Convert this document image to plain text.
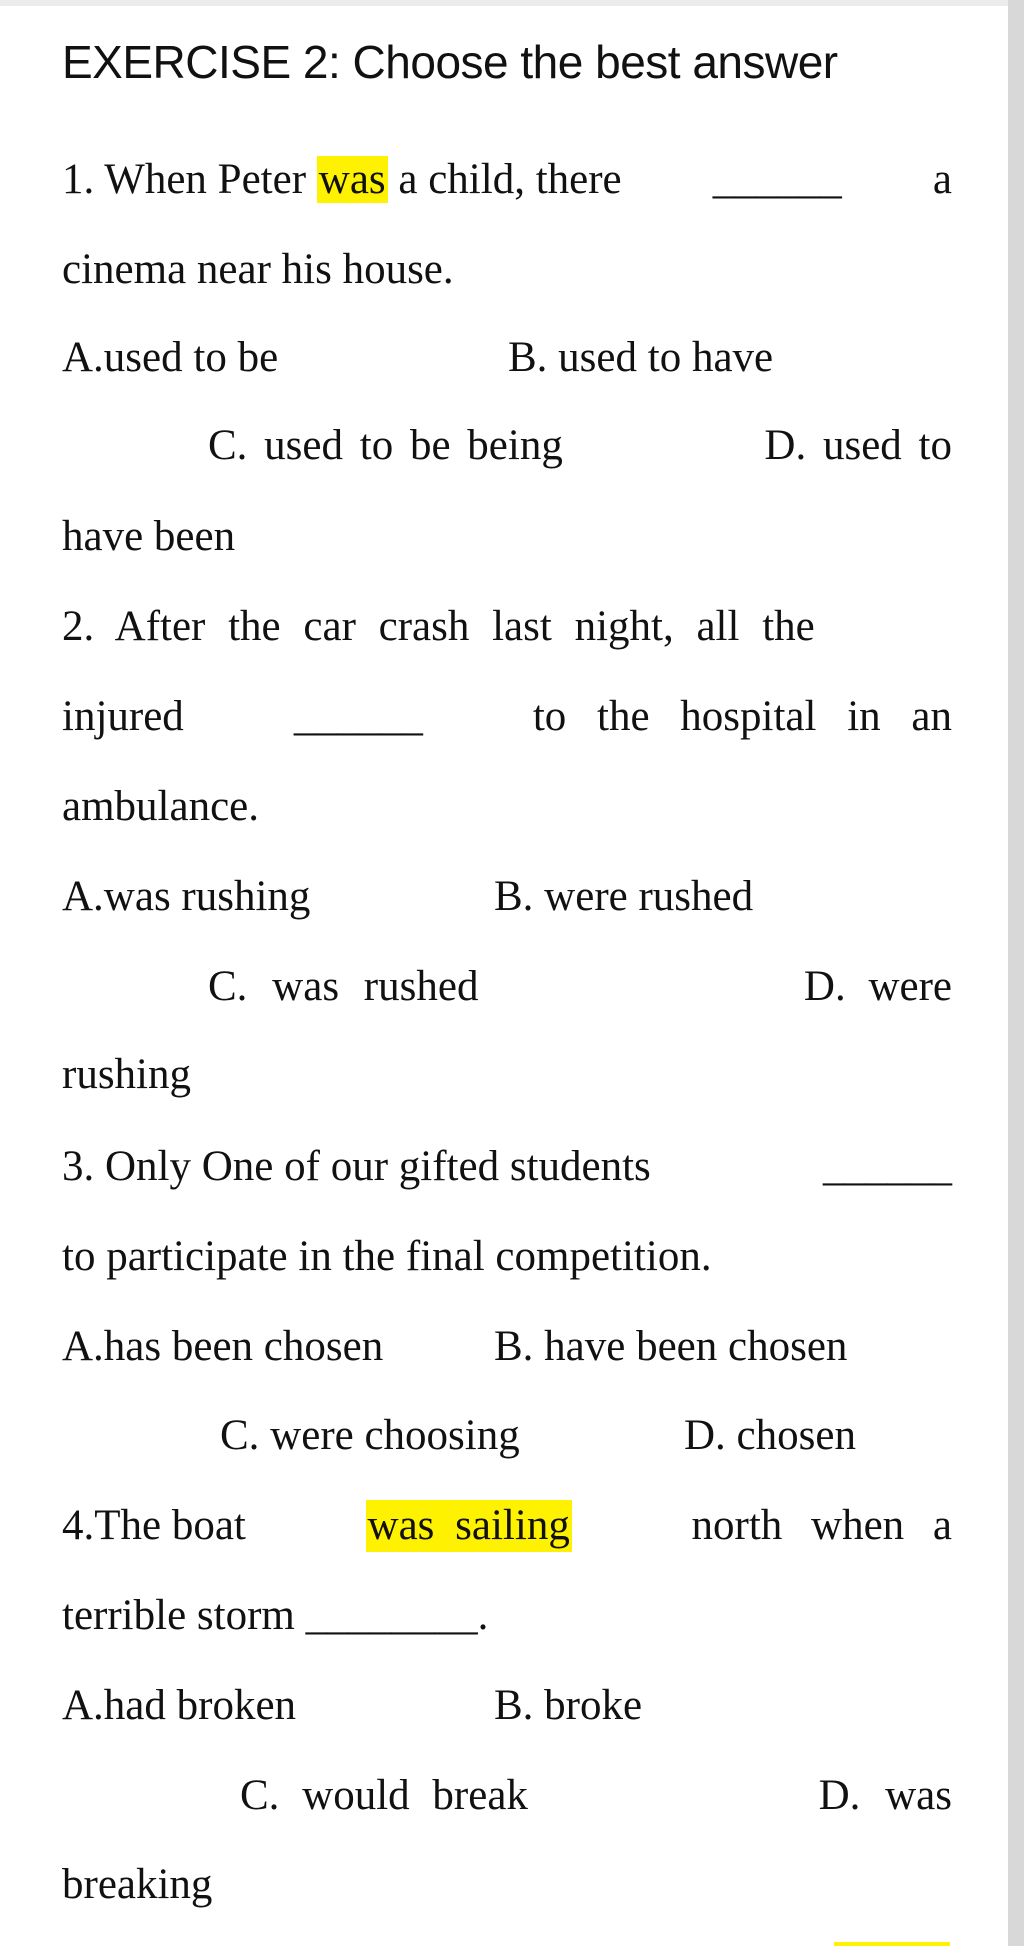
EXERCISE 2: Choose the best answer
1. When Peter was a child, there ______ a
cinema near his house.
A.used to be	B. used to have
C. used to be being	D. used to
have been
2. After the car crash last night, all the
injured	______	to the hospital in an
ambulance.
A.was rushing	B. were rushed
C. was rushed	D. were
rushing
3. Only One of our gifted students	______
to participate in the final competition.
A.has been chosen	B. have been chosen
C. were choosing	D. chosen
4.The boat	was sailing	north when a
terrible storm ________.
A.had broken	B. broke
C. would break	D. was
breaking
